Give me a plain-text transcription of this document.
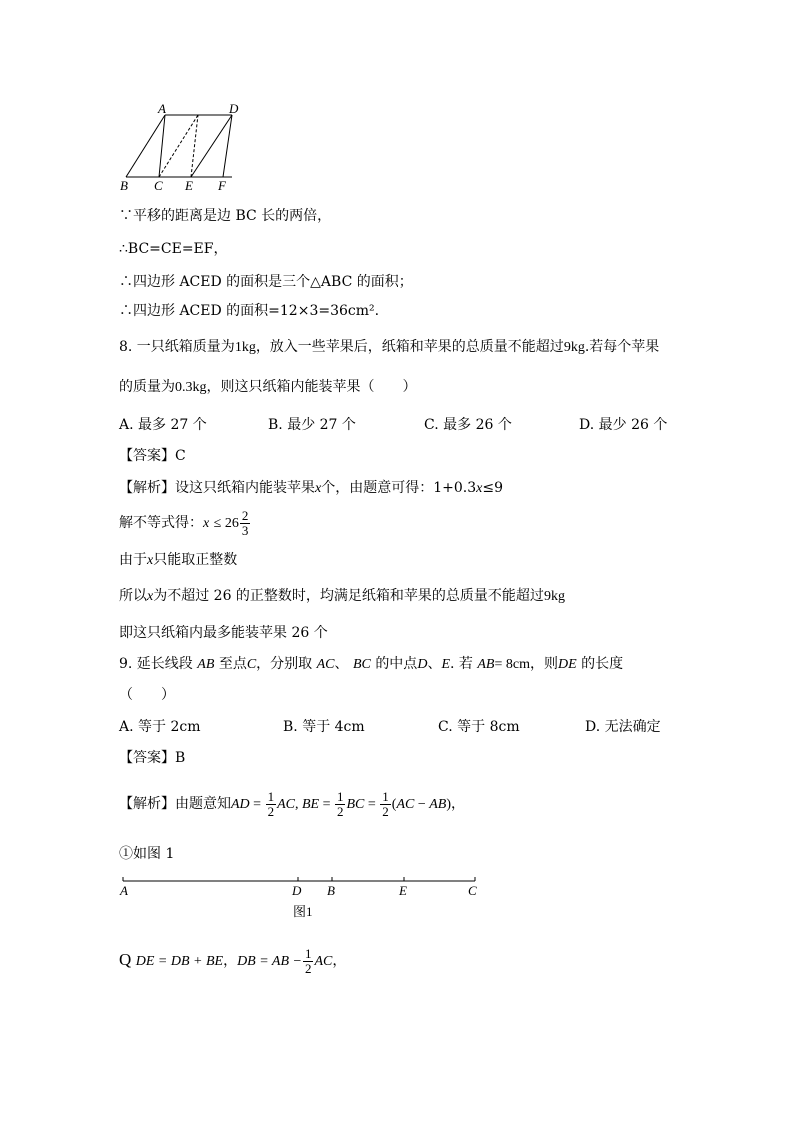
A	D
B C E F
∵平移的距离是边 BC 长的两倍，
∴BC=CE=EF，
∴四边形 ACED 的面积是三个△ABC 的面积；
∴四边形 ACED 的面积=12×3=36cm².
8. 一只纸箱质量为1kg，放入一些苹果后，纸箱和苹果的总质量不能超过9kg.若每个苹果
的质量为0.3kg，则这只纸箱内能装苹果（　　）
A. 最多 27 个	B. 最少 27 个	C. 最多 26 个	D. 最少 26 个
【答案】C
【解析】设这只纸箱内能装苹果x个，由题意可得：1+0.3x≤9
解不等式得：$x \le 26 \frac{2}{3}$
由于x只能取正整数
所以x为不超过 26 的正整数时，均满足纸箱和苹果的总质量不能超过9kg
即这只纸箱内最多能装苹果 26 个
9. 延长线段 AB 至点C，分别取 AC、 BC 的中点D、E. 若 AB= 8cm，则DE 的长度
（　　）
A. 等于 2cm	B. 等于 4cm	C. 等于 8cm	D. 无法确定
【答案】B
【解析】由题意知AD = $\frac{1}{2}$ AC, BE = $\frac{1}{2}$ BC = $\frac{1}{2} (AC - AB)$，
①如图 1
A	D B	E	C
图1
Q DE = DB + BE，DB = AB − $\frac{1}{2}$ AC，
